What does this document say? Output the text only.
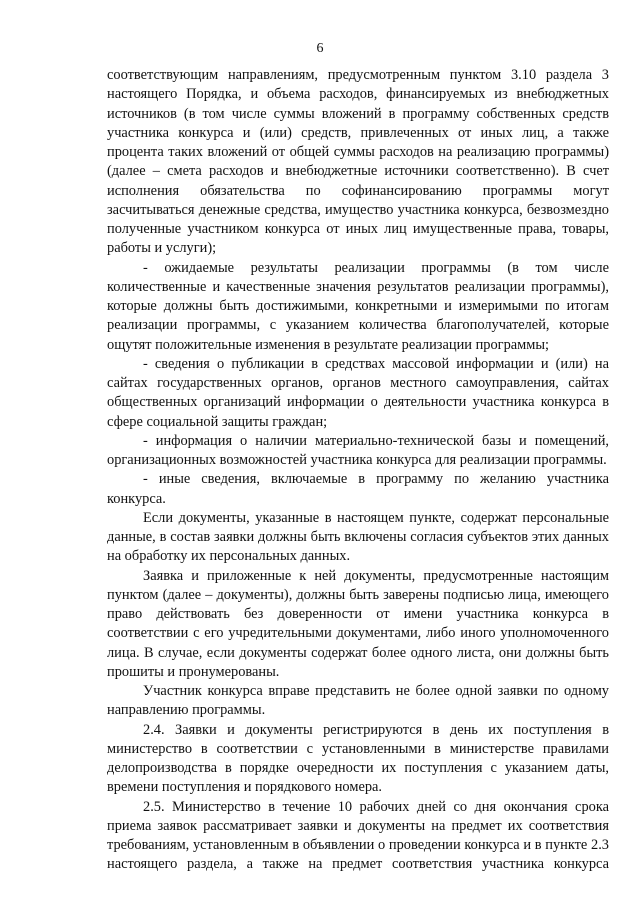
6

соответствующим направлениям, предусмотренным пунктом 3.10 раздела 3 настоящего Порядка, и объема расходов, финансируемых из внебюджетных источников (в том числе суммы вложений в программу собственных средств участника конкурса и (или) средств, привлеченных от иных лиц, а также процента таких вложений от общей суммы расходов на реализацию программы) (далее – смета расходов и внебюджетные источники соответственно). В счет исполнения обязательства по софинансированию программы могут засчитываться денежные средства, имущество участника конкурса, безвозмездно полученные участником конкурса от иных лиц имущественные права, товары, работы и услуги);

- ожидаемые результаты реализации программы (в том числе количественные и качественные значения результатов реализации программы), которые должны быть достижимыми, конкретными и измеримыми по итогам реализации программы, с указанием количества благополучателей, которые ощутят положительные изменения в результате реализации программы;

- сведения о публикации в средствах массовой информации и (или) на сайтах государственных органов, органов местного самоуправления, сайтах общественных организаций информации о деятельности участника конкурса в сфере социальной защиты граждан;

- информация о наличии материально-технической базы и помещений, организационных возможностей участника конкурса для реализации программы.

- иные сведения, включаемые в программу по желанию участника конкурса.

Если документы, указанные в настоящем пункте, содержат персональные данные, в состав заявки должны быть включены согласия субъектов этих данных на обработку их персональных данных.

Заявка и приложенные к ней документы, предусмотренные настоящим пунктом (далее – документы), должны быть заверены подписью лица, имеющего право действовать без доверенности от имени участника конкурса в соответствии с его учредительными документами, либо иного уполномоченного лица. В случае, если документы содержат более одного листа, они должны быть прошиты и пронумерованы.

Участник конкурса вправе представить не более одной заявки по одному направлению программы.

2.4. Заявки и документы регистрируются в день их поступления в министерство в соответствии с установленными в министерстве правилами делопроизводства в порядке очередности их поступления с указанием даты, времени поступления и порядкового номера.

2.5. Министерство в течение 10 рабочих дней со дня окончания срока приема заявок рассматривает заявки и документы на предмет их соответствия требованиям, установленным в объявлении о проведении конкурса и в пункте 2.3 настоящего раздела, а также на предмет соответствия участника конкурса
